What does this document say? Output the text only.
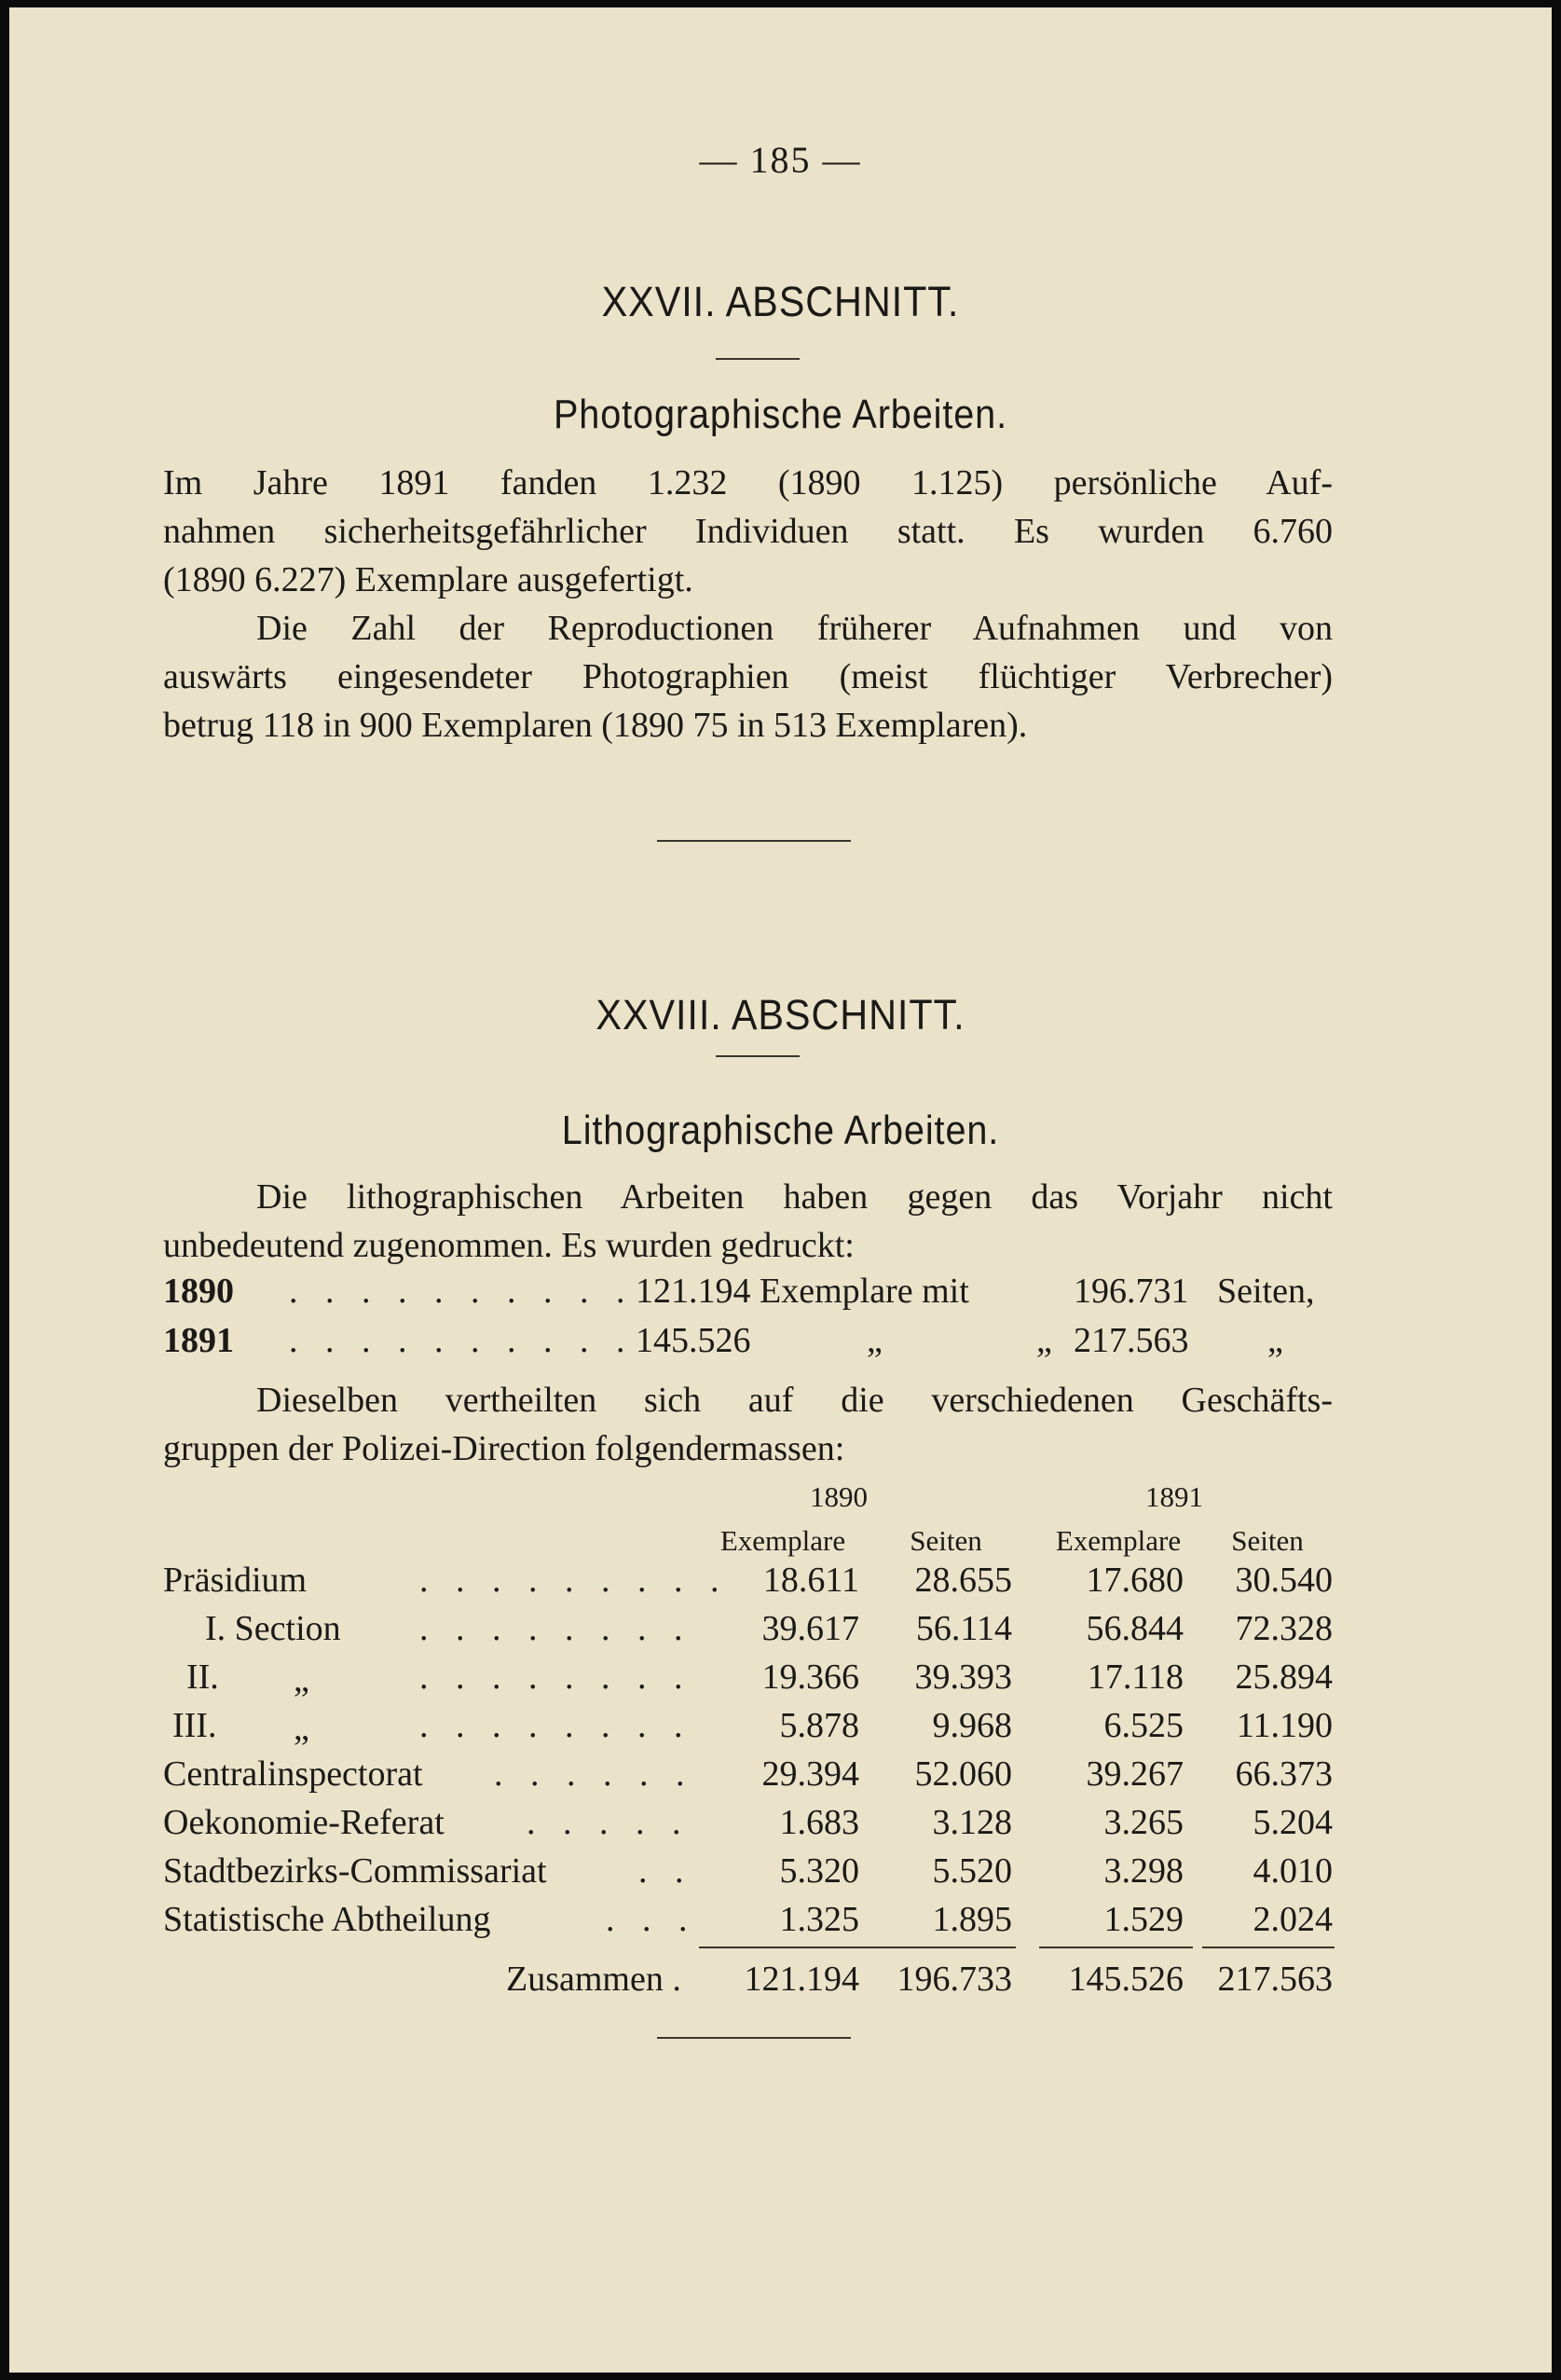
— 185 —
XXVII. ABSCHNITT.
Photographische Arbeiten.
Im Jahre 1891 fanden 1.232 (1890 1.125) persönliche Auf-
nahmen sicherheitsgefährlicher Individuen statt. Es wurden 6.760
(1890 6.227) Exemplare ausgefertigt.
Die Zahl der Reproductionen früherer Aufnahmen und von
auswärts eingesendeter Photographien (meist flüchtiger Verbrecher)
betrug 118 in 900 Exemplaren (1890 75 in 513 Exemplaren).
XXVIII. ABSCHNITT.
Lithographische Arbeiten.
Die lithographischen Arbeiten haben gegen das Vorjahr nicht
unbedeutend zugenommen. Es wurden gedruckt:
1890 . . . . . . . . . . 121.194 Exemplare mit	196.731 Seiten,
1891 . . . . . . . . . . 145.526	„	„ 217.563 „
Dieselben vertheilten sich auf die verschiedenen Geschäfts-
gruppen der Polizei-Direction folgendermassen:
1890	1891
Exemplare	Seiten	Exemplare	Seiten
Präsidium	. . . . . . . . . 18.611	28.655	17.680	30.540
I. Section . . . . . . . .	39.617	56.114	56.844	72.328
II. „	. . . . . . . .	19.366	39.393	17.118	25.894
III. „	. . . . . . . .	5.878	9.968	6.525	11.190
Centralinspectorat . . . . . .	29.394	52.060	39.267	66.373
Oekonomie-Referat . . . . .	1.683	3.128	3.265	5.204
Stadtbezirks-Commissariat	. .	5.320	5.520	3.298	4.010
Statistische Abtheilung	. . .	1.325	1.895	1.529	2.024
Zusammen .	121.194	196.733	145.526 217.563
